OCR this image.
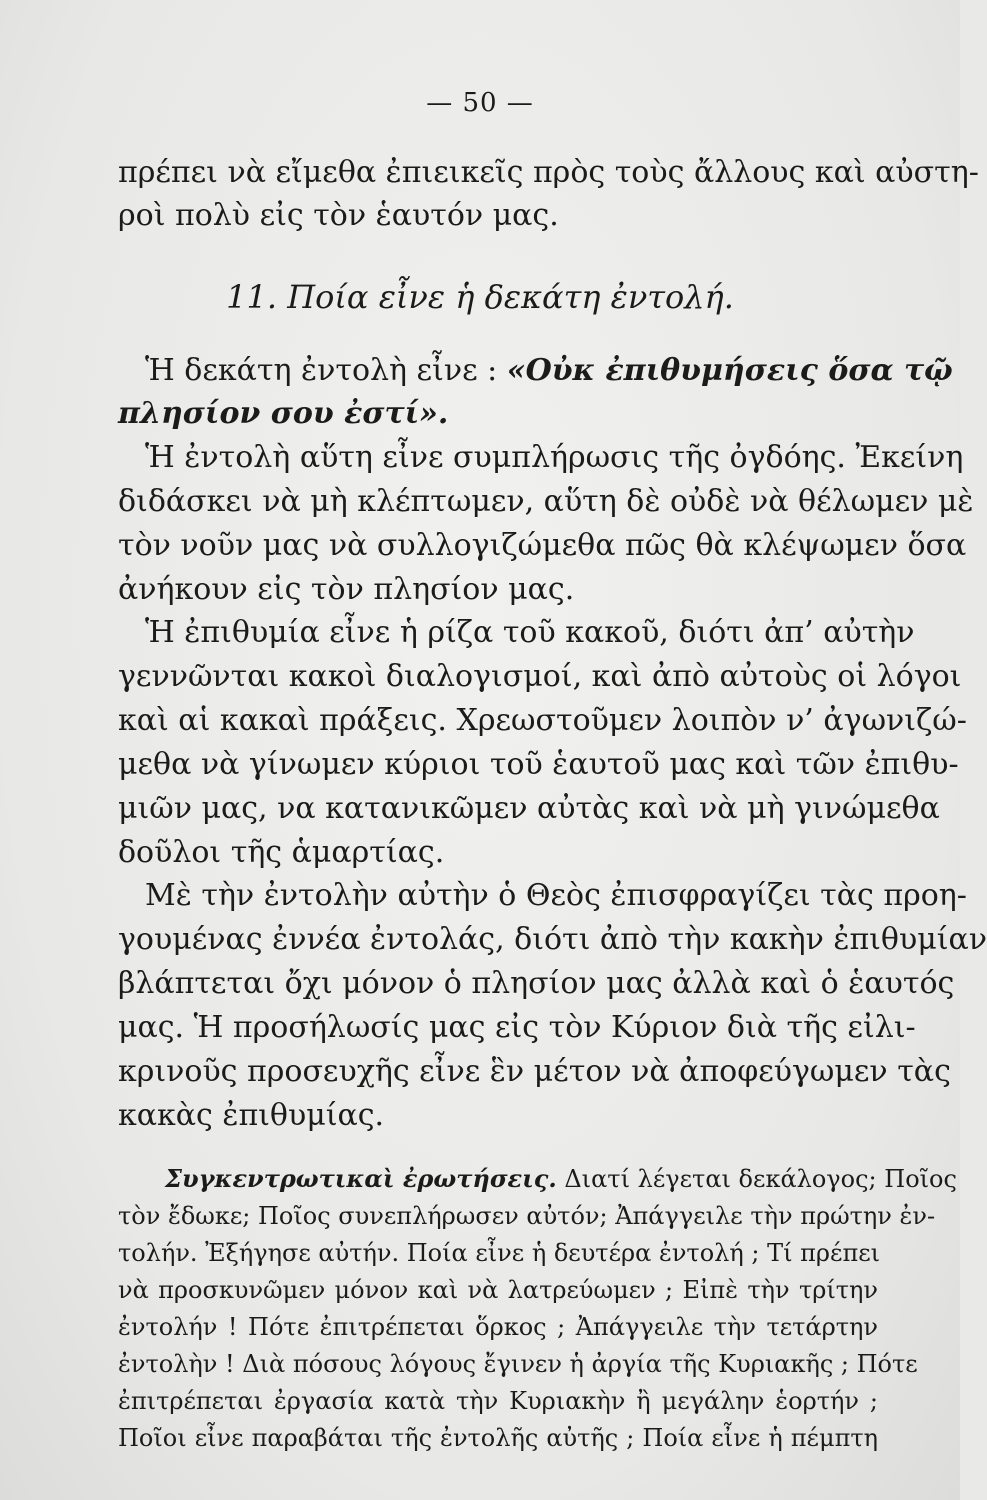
— 50 —
πρέπει νὰ εἴμεθα ἐπιεικεῖς πρὸς τοὺς ἄλλους καὶ αὐστη-
ροὶ πολὺ εἰς τὸν ἑαυτόν μας.
11. Ποία εἶνε ἡ δεκάτη ἐντολή.
Ἡ δεκάτη ἐντολὴ εἶνε : «Οὐκ ἐπιθυμήσεις ὅσα τῷ
πλησίον σου ἐστί».
Ἡ ἐντολὴ αὕτη εἶνε συμπλήρωσις τῆς ὀγδόης. Ἐκείνη
διδάσκει νὰ μὴ κλέπτωμεν, αὕτη δὲ οὐδὲ νὰ θέλωμεν μὲ
τὸν νοῦν μας νὰ συλλογιζώμεθα πῶς θὰ κλέψωμεν ὅσα
ἀνήκουν εἰς τὸν πλησίον μας.
Ἡ ἐπιθυμία εἶνε ἡ ρίζα τοῦ κακοῦ, διότι ἀπ’ αὐτὴν
γεννῶνται κακοὶ διαλογισμοί, καὶ ἀπὸ αὐτοὺς οἱ λόγοι
καὶ αἱ κακαὶ πράξεις. Χρεωστοῦμεν λοιπὸν ν’ ἀγωνιζώ-
μεθα νὰ γίνωμεν κύριοι τοῦ ἑαυτοῦ μας καὶ τῶν ἐπιθυ-
μιῶν μας, να κατανικῶμεν αὐτὰς καὶ νὰ μὴ γινώμεθα
δοῦλοι τῆς ἁμαρτίας.
Μὲ τὴν ἐντολὴν αὐτὴν ὁ Θεὸς ἐπισφραγίζει τὰς προη-
γουμένας ἐννέα ἐντολάς, διότι ἀπὸ τὴν κακὴν ἐπιθυμίαν
βλάπτεται ὄχι μόνον ὁ πλησίον μας ἀλλὰ καὶ ὁ ἑαυτός
μας. Ἡ προσήλωσίς μας εἰς τὸν Κύριον διὰ τῆς εἰλι-
κρινοῦς προσευχῆς εἶνε ἓν μέτον νὰ ἀποφεύγωμεν τὰς
κακὰς ἐπιθυμίας.
Συγκεντρωτικαὶ ἐρωτήσεις. Διατί λέγεται δεκάλογος; Ποῖος
τὸν ἔδωκε; Ποῖος συνεπλήρωσεν αὐτόν; Ἀπάγγειλε τὴν πρώτην ἐν-
τολήν. Ἐξήγησε αὐτήν. Ποία εἶνε ἡ δευτέρα ἐντολή ; Τί πρέπει
νὰ προσκυνῶμεν μόνον καὶ νὰ λατρεύωμεν ; Εἰπὲ τὴν τρίτην
ἐντολήν ! Πότε ἐπιτρέπεται ὅρκος ; Ἀπάγγειλε τὴν τετάρτην
ἐντολὴν ! Διὰ πόσους λόγους ἔγινεν ἡ ἀργία τῆς Κυριακῆς ; Πότε
ἐπιτρέπεται ἐργασία κατὰ τὴν Κυριακὴν ἢ μεγάλην ἑορτήν ;
Ποῖοι εἶνε παραβάται τῆς ἐντολῆς αὐτῆς ; Ποία εἶνε ἡ πέμπτη
